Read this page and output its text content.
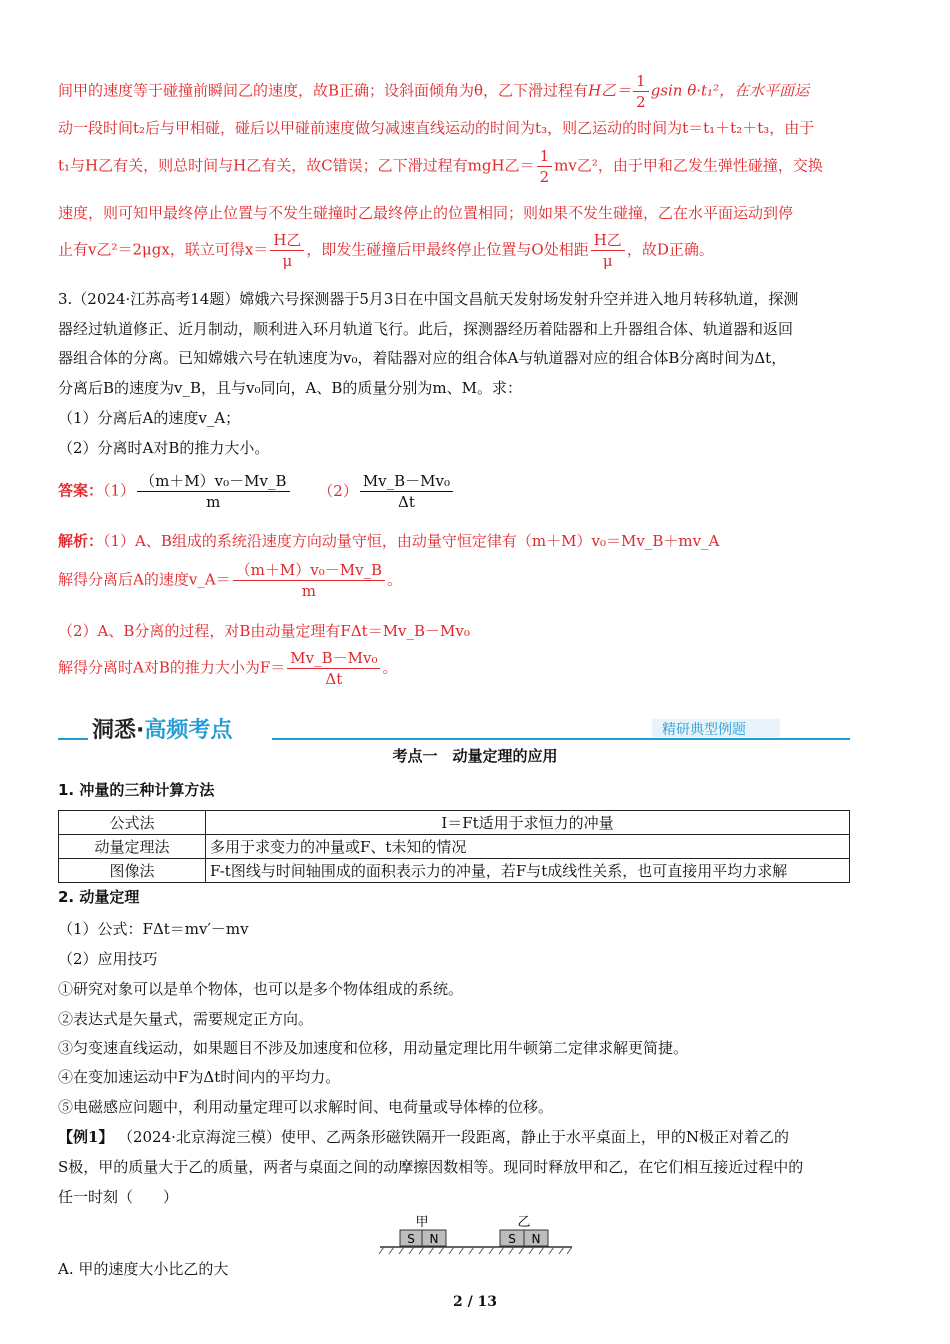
间甲的速度等于碰撞前瞬间乙的速度，故B正确；设斜面倾角为θ，乙下滑过程有H乙＝ $\frac{1}{2}$ gsin θ·t₁²，在水平面运
动一段时间t₂后与甲相碰，碰后以甲碰前速度做匀减速直线运动的时间为t₃，则乙运动的时间为t＝t₁＋t₂＋t₃，由于
t₁与H乙有关，则总时间与H乙有关，故C错误；乙下滑过程有mgH乙＝ $\frac{1}{2}$ mv乙²，由于甲和乙发生弹性碰撞，交换
速度，则可知甲最终停止位置与不发生碰撞时乙最终停止的位置相同；则如果不发生碰撞，乙在水平面运动到停
止有v乙²＝2μgx，联立可得$x= \frac{\text{H乙}}{\mu}$ ，即发生碰撞后甲最终停止位置与O处相距 $\frac{\text{H乙}}{\mu}$ ，故D正确。
3.（2024·江苏高考14题）嫦娥六号探测器于5月3日在中国文昌航天发射场发射升空并进入地月转移轨道，探测
器经过轨道修正、近月制动，顺利进入环月轨道飞行。此后，探测器经历着陆器和上升器组合体、轨道器和返回
器组合体的分离。已知嫦娥六号在轨速度为v₀，着陆器对应的组合体A与轨道器对应的组合体B分离时间为Δt，
分离后B的速度为v_B，且与v₀同向，A、B的质量分别为m、M。求：
（1）分离后A的速度v_A；
（2）分离时A对B的推力大小。
答案：$(1) \frac{\text{（m＋M）v₀－Mv\_B}}{m} (2) \frac{\text{Mv\_B－Mv₀}}{\Delta t}$
解析：（1）A、B组成的系统沿速度方向动量守恒，由动量守恒定律有（m＋M）v₀＝Mv_B＋mv_A
解得分离后A的速度v_A＝ $\frac{\text{（m＋M）v₀－Mv\_B}}{m}$ 。
（2）A、B分离的过程，对B由动量定理有FΔt＝Mv_B－Mv₀
解得分离时A对B的推力大小为$F= \frac{\text{Mv\_B－Mv₀}}{\Delta t}$ 。
洞悉·高频考点	精研典型例题
考点一　动量定理的应用
1. 冲量的三种计算方法
公式法	I＝Ft适用于求恒力的冲量
动量定理法	多用于求变力的冲量或F、t未知的情况
图像法	F-t图线与时间轴围成的面积表示力的冲量，若F与t成线性关系，也可直接用平均力求解
2. 动量定理
（1）公式：FΔt＝mv′－mv
（2）应用技巧
①研究对象可以是单个物体，也可以是多个物体组成的系统。
②表达式是矢量式，需要规定正方向。
③匀变速直线运动，如果题目不涉及加速度和位移，用动量定理比用牛顿第二定律求解更简捷。
④在变加速运动中F为Δt时间内的平均力。
⑤电磁感应问题中，利用动量定理可以求解时间、电荷量或导体棒的位移。
【例1】 （2024·北京海淀三模）使甲、乙两条形磁铁隔开一段距离，静止于水平桌面上，甲的N极正对着乙的
S极，甲的质量大于乙的质量，两者与桌面之间的动摩擦因数相等。现同时释放甲和乙，在它们相互接近过程中的
任一时刻（　　）
甲	乙
S N	S N
A. 甲的速度大小比乙的大
2 / 13
